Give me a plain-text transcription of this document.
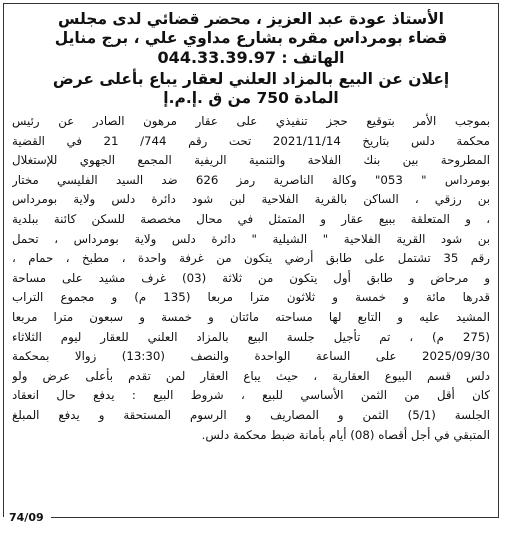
الأستاذ عودة عبد العزيز ، محضر قضائي لدى مجلس
قضاء بومرداس مقره بشارع مداوي علي ، برج منايل
الهاتف : 044.33.39.97
إعلان عن البيع بالمزاد العلني لعقار يباع بأعلى عرض
المادة 750 من ق .إ.م.إ
بموجب الأمر بتوقيع حجز تنفيذي على عقار مرهون الصادر عن رئيس
محكمة دلس بتاريخ 2021/11/14 تحت رقم 744/ 21 في القضية
المطروحة بين بنك الفلاحة والتنمية الريفية المجمع الجهوي للإستغلال
بومرداس " 053" وكالة الناصرية رمز 626 ضد السيد الفليسي مختار
بن رزقي ، الساكن بالقرية الفلاحية لبن شود دائرة دلس ولاية بومرداس
، و المتعلقة ببيع عقار و المتمثل في محال مخصصة للسكن كائنة ببلدية
بن شود القرية الفلاحية " الشيلية " دائرة دلس ولاية بومرداس ، تحمل
رقم 35 تشتمل على طابق أرضي يتكون من غرفة واحدة ، مطبخ ، حمام ،
و مرحاض و طابق أول يتكون من ثلاثة (03) غرف مشيد على مساحة
قدرها مائة و خمسة و ثلاثون مترا مربعا (135 م) و مجموع التراب
المشيد عليه و التابع لها مساحته مائتان و خمسة و سبعون مترا مربعا
(275 م) ، تم تأجيل جلسة البيع بالمزاد العلني للعقار ليوم الثلاثاء
2025/09/30 على الساعة الواحدة والنصف (13:30) زوالا بمحكمة
دلس قسم البيوع العقارية ، حيث يباع العقار لمن تقدم بأعلى عرض ولو
كان أقل من الثمن الأساسي للبيع ، شروط البيع : يدفع حال انعقاد
الجلسة (5/1) الثمن و المصاريف و الرسوم المستحقة و يدفع المبلغ
المتبقي في أجل أقصاه (08) أيام بأمانة ضبط محكمة دلس.
74/09
